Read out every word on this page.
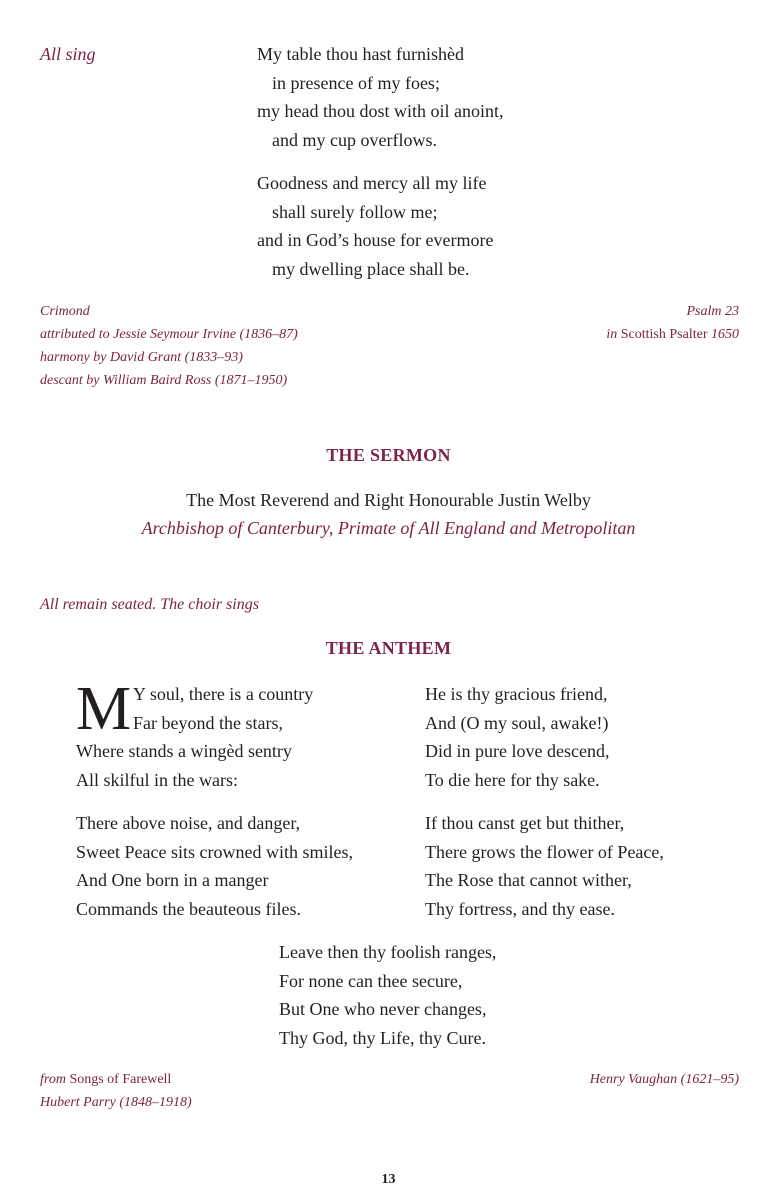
All sing	My table thou hast furnishèd
in presence of my foes;
my head thou dost with oil anoint,
and my cup overflows.
Goodness and mercy all my life
shall surely follow me;
and in God’s house for evermore
my dwelling place shall be.
Crimond
attributed to Jessie Seymour Irvine (1836–87)
harmony by David Grant (1833–93)
descant by William Baird Ross (1871–1950)
Psalm 23
in Scottish Psalter 1650
THE SERMON
The Most Reverend and Right Honourable Justin Welby
Archbishop of Canterbury, Primate of All England and Metropolitan
All remain seated. The choir sings
THE ANTHEM
M Y soul, there is a country
Far beyond the stars,
Where stands a wingèd sentry
All skilful in the wars:
There above noise, and danger,
Sweet Peace sits crowned with smiles,
And One born in a manger
Commands the beauteous files.
He is thy gracious friend,
And (O my soul, awake!)
Did in pure love descend,
To die here for thy sake.
If thou canst get but thither,
There grows the flower of Peace,
The Rose that cannot wither,
Thy fortress, and thy ease.
Leave then thy foolish ranges,
For none can thee secure,
But One who never changes,
Thy God, thy Life, thy Cure.
from Songs of Farewell
Hubert Parry (1848–1918)
Henry Vaughan (1621–95)
13
